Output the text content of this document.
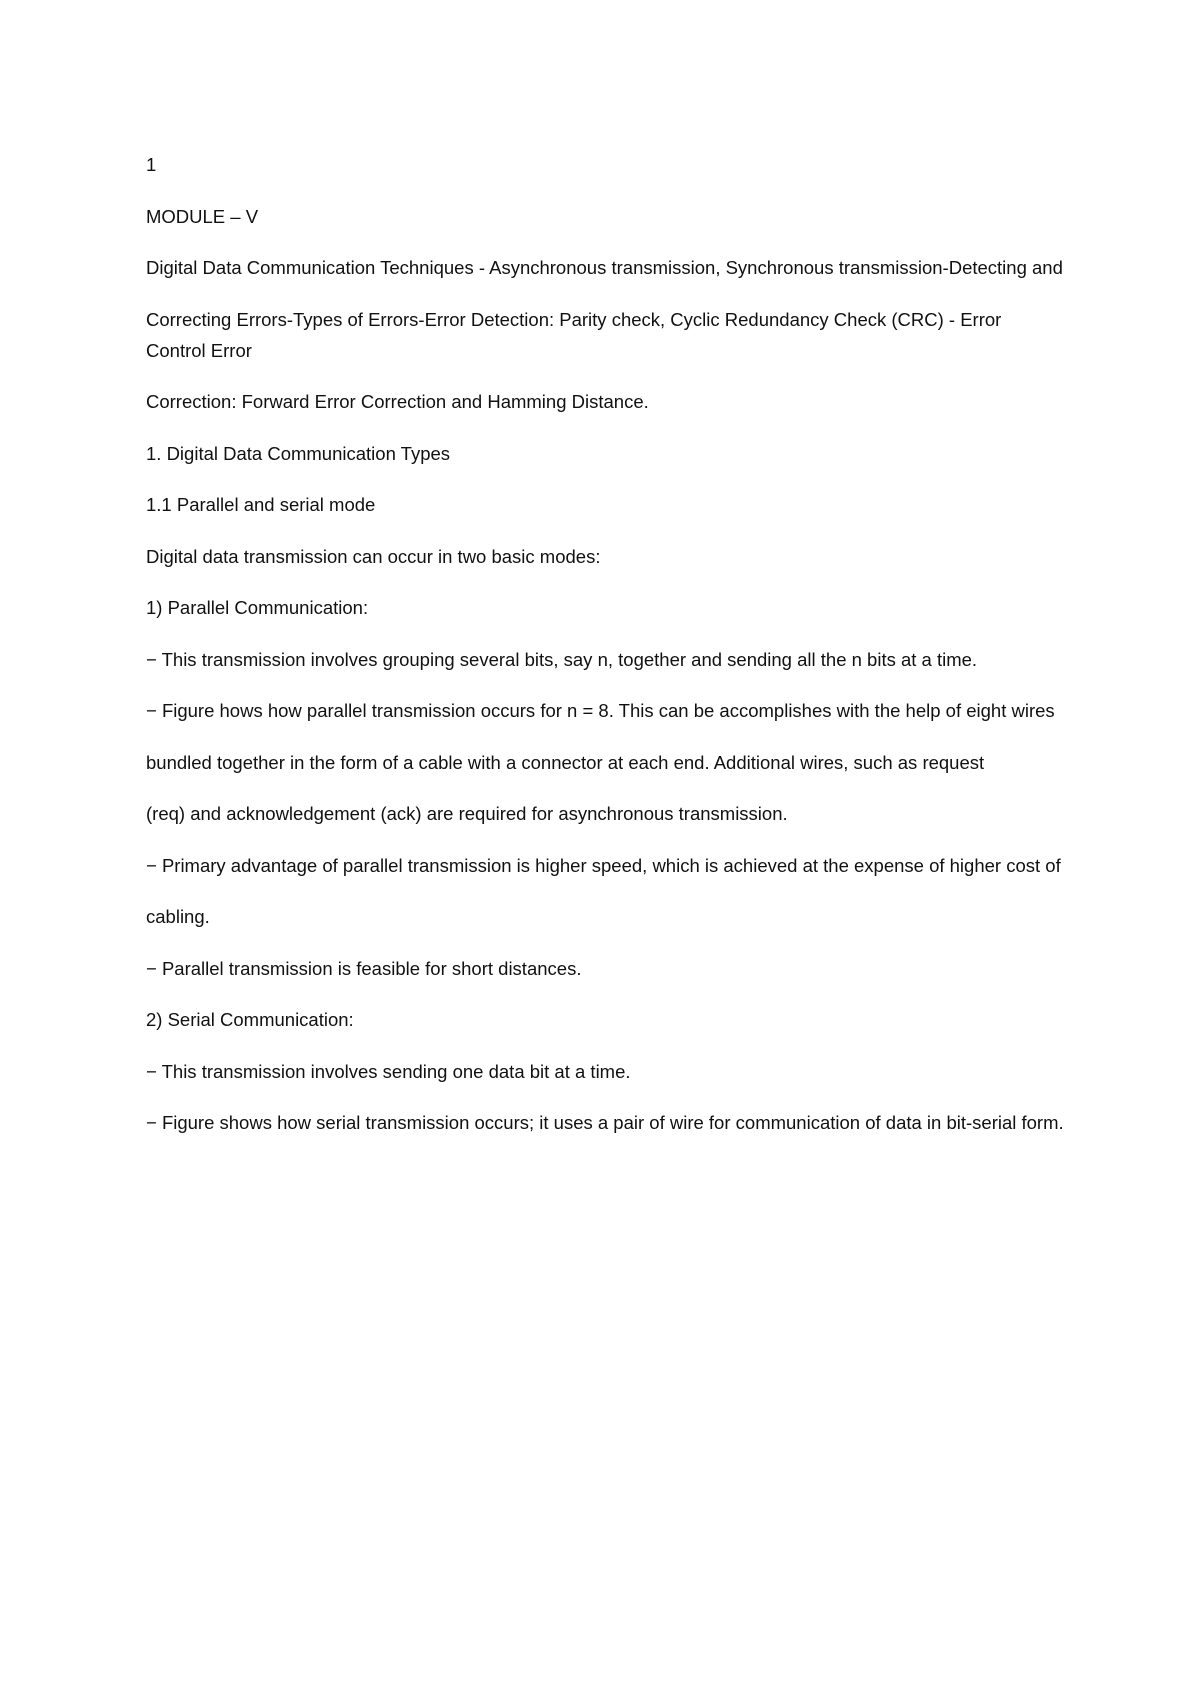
1

MODULE – V

Digital Data Communication Techniques - Asynchronous transmission, Synchronous transmission-Detecting and

Correcting Errors-Types of Errors-Error Detection: Parity check, Cyclic Redundancy Check (CRC) - Error Control Error

Correction: Forward Error Correction and Hamming Distance.

1. Digital Data Communication Types

1.1 Parallel and serial mode

Digital data transmission can occur in two basic modes:

1) Parallel Communication:

− This transmission involves grouping several bits, say n, together and sending all the n bits at a time.

− Figure hows how parallel transmission occurs for n = 8. This can be accomplishes with the help of eight wires

bundled together in the form of a cable with a connector at each end. Additional wires, such as request

(req) and acknowledgement (ack) are required for asynchronous transmission.

− Primary advantage of parallel transmission is higher speed, which is achieved at the expense of higher cost of

cabling.

− Parallel transmission is feasible for short distances.

2) Serial Communication:

− This transmission involves sending one data bit at a time.

− Figure shows how serial transmission occurs; it uses a pair of wire for communication of data in bit-serial form.
